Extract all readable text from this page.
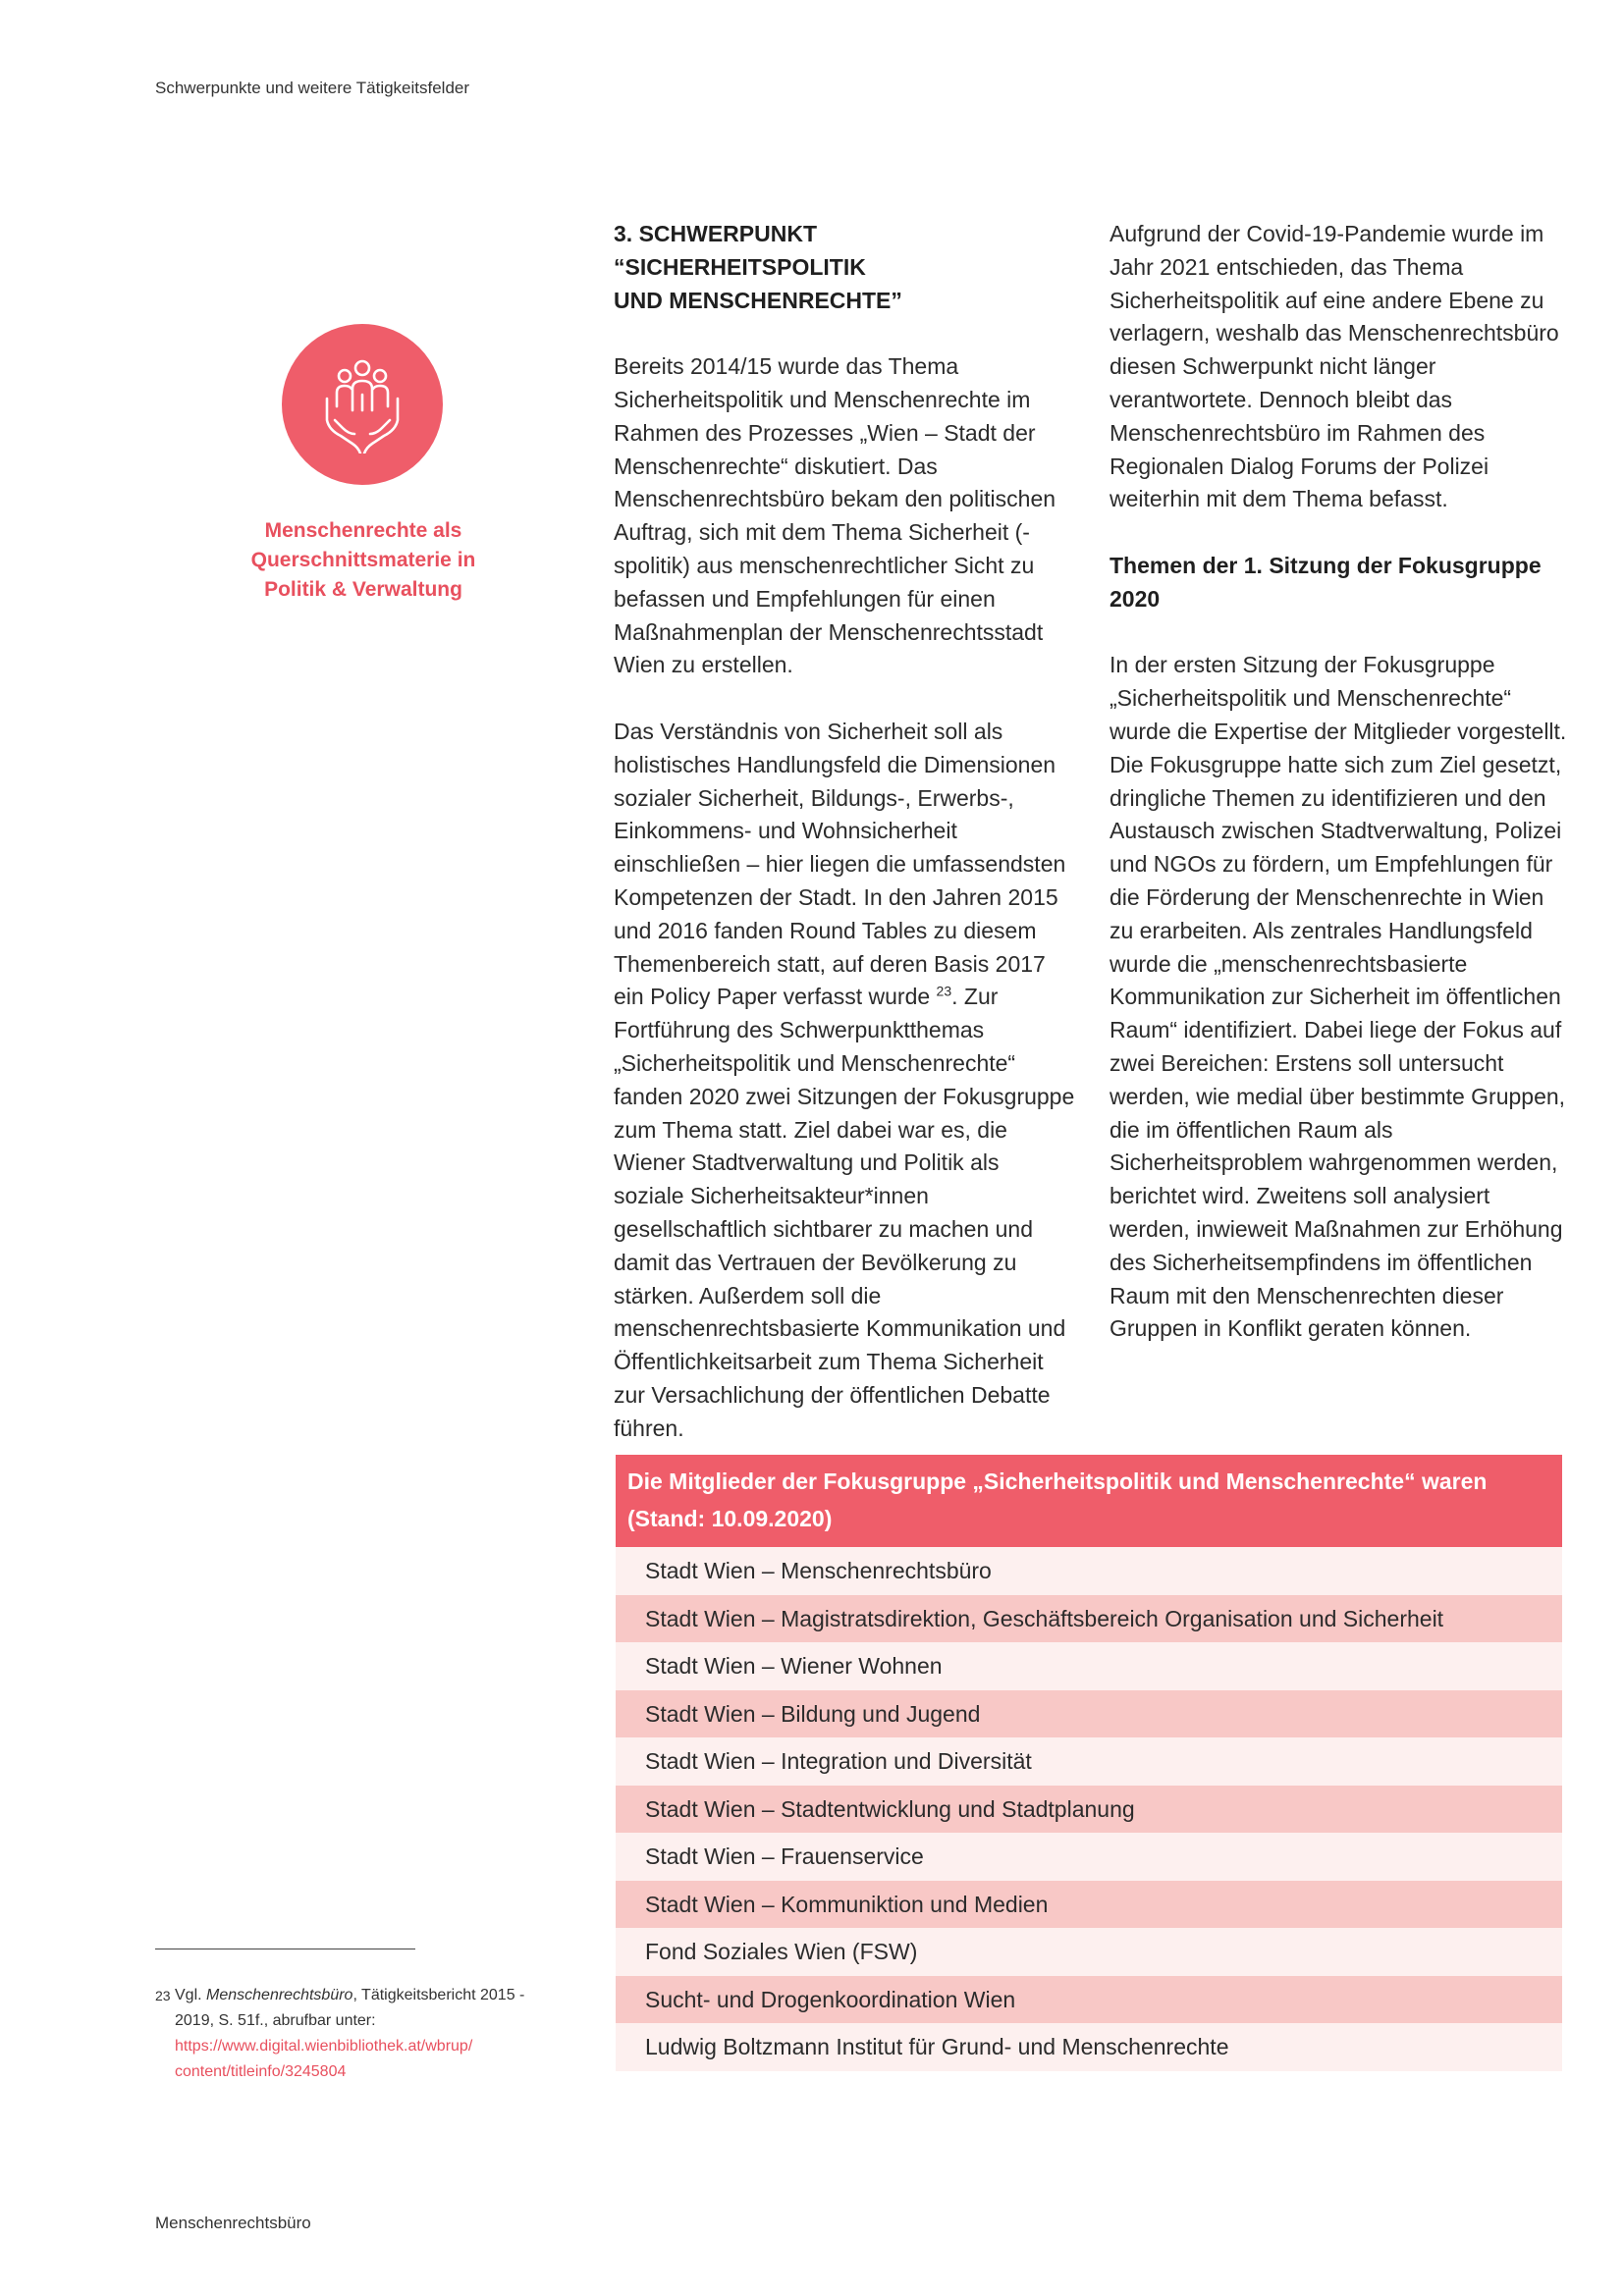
Schwerpunkte und weitere Tätigkeitsfelder
Menschenrechte als
Querschnittsmaterie in
Politik & Verwaltung
3. SCHWERPUNKT “SICHERHEITSPOLITIK
UND MENSCHENRECHTE”

Bereits 2014/15 wurde das Thema Sicherheitspolitik und Menschenrechte im Rahmen des Prozesses „Wien – Stadt der Menschenrechte“ diskutiert. Das Menschenrechtsbüro bekam den politischen Auftrag, sich mit dem Thema Sicherheit (-spolitik) aus menschenrechtlicher Sicht zu befassen und Empfehlungen für einen Maßnahmenplan der Menschenrechtsstadt Wien zu erstellen.

Das Verständnis von Sicherheit soll als holistisches Handlungsfeld die Dimensionen sozialer Sicherheit, Bildungs-, Erwerbs-, Einkommens- und Wohnsicherheit einschließen – hier liegen die umfassendsten Kompetenzen der Stadt. In den Jahren 2015 und 2016 fanden Round Tables zu diesem Themenbereich statt, auf deren Basis 2017 ein Policy Paper verfasst wurde $^{23}$. Zur Fortführung des Schwerpunktthemas „Sicherheitspolitik und Menschenrechte“ fanden 2020 zwei Sitzungen der Fokusgruppe zum Thema statt. Ziel dabei war es, die Wiener Stadtverwaltung und Politik als soziale Sicherheitsakteur*innen gesellschaftlich sichtbarer zu machen und damit das Vertrauen der Bevölkerung zu stärken. Außerdem soll die menschenrechtsbasierte Kommunikation und Öffentlichkeitsarbeit zum Thema Sicherheit zur Versachlichung der öffentlichen Debatte führen.

Aufgrund der Covid-19-Pandemie wurde im Jahr 2021 entschieden, das Thema Sicherheitspolitik auf eine andere Ebene zu verlagern, weshalb das Menschenrechtsbüro diesen Schwerpunkt nicht länger verantwortete. Dennoch bleibt das Menschenrechtsbüro im Rahmen des Regionalen Dialog Forums der Polizei weiterhin mit dem Thema befasst.

Themen der 1. Sitzung der Fokusgruppe 2020

In der ersten Sitzung der Fokusgruppe „Sicherheitspolitik und Menschenrechte“ wurde die Expertise der Mitglieder vorgestellt. Die Fokusgruppe hatte sich zum Ziel gesetzt, dringliche Themen zu identifizieren und den Austausch zwischen Stadtverwaltung, Polizei und NGOs zu fördern, um Empfehlungen für die Förderung der Menschenrechte in Wien zu erarbeiten. Als zentrales Handlungsfeld wurde die „menschenrechtsbasierte Kommunikation zur Sicherheit im öffentlichen Raum“ identifiziert. Dabei liege der Fokus auf zwei Bereichen: Erstens soll untersucht werden, wie medial über bestimmte Gruppen, die im öffentlichen Raum als Sicherheitsproblem wahrgenommen werden, berichtet wird. Zweitens soll analysiert werden, inwieweit Maßnahmen zur Erhöhung des Sicherheitsempfindens im öffentlichen Raum mit den Menschenrechten dieser Gruppen in Konflikt geraten können.

Die Mitglieder der Fokusgruppe „Sicherheitspolitik und Menschenrechte“ waren
(Stand: 10.09.2020)
Stadt Wien – Menschenrechtsbüro
Stadt Wien – Magistratsdirektion, Geschäftsbereich Organisation und Sicherheit
Stadt Wien – Wiener Wohnen
Stadt Wien – Bildung und Jugend
Stadt Wien – Integration und Diversität
Stadt Wien – Stadtentwicklung und Stadtplanung
Stadt Wien – Frauenservice
Stadt Wien – Kommuniktion und Medien
Fond Soziales Wien (FSW)
Sucht- und Drogenkoordination Wien
Ludwig Boltzmann Institut für Grund- und Menschenrechte
23 Vgl. Menschenrechtsbüro, Tätigkeitsbericht 2015 - 2019, S. 51f., abrufbar unter:
https://www.digital.wienbibliothek.at/wbrup/
content/titleinfo/3245804
Menschenrechtsbüro
